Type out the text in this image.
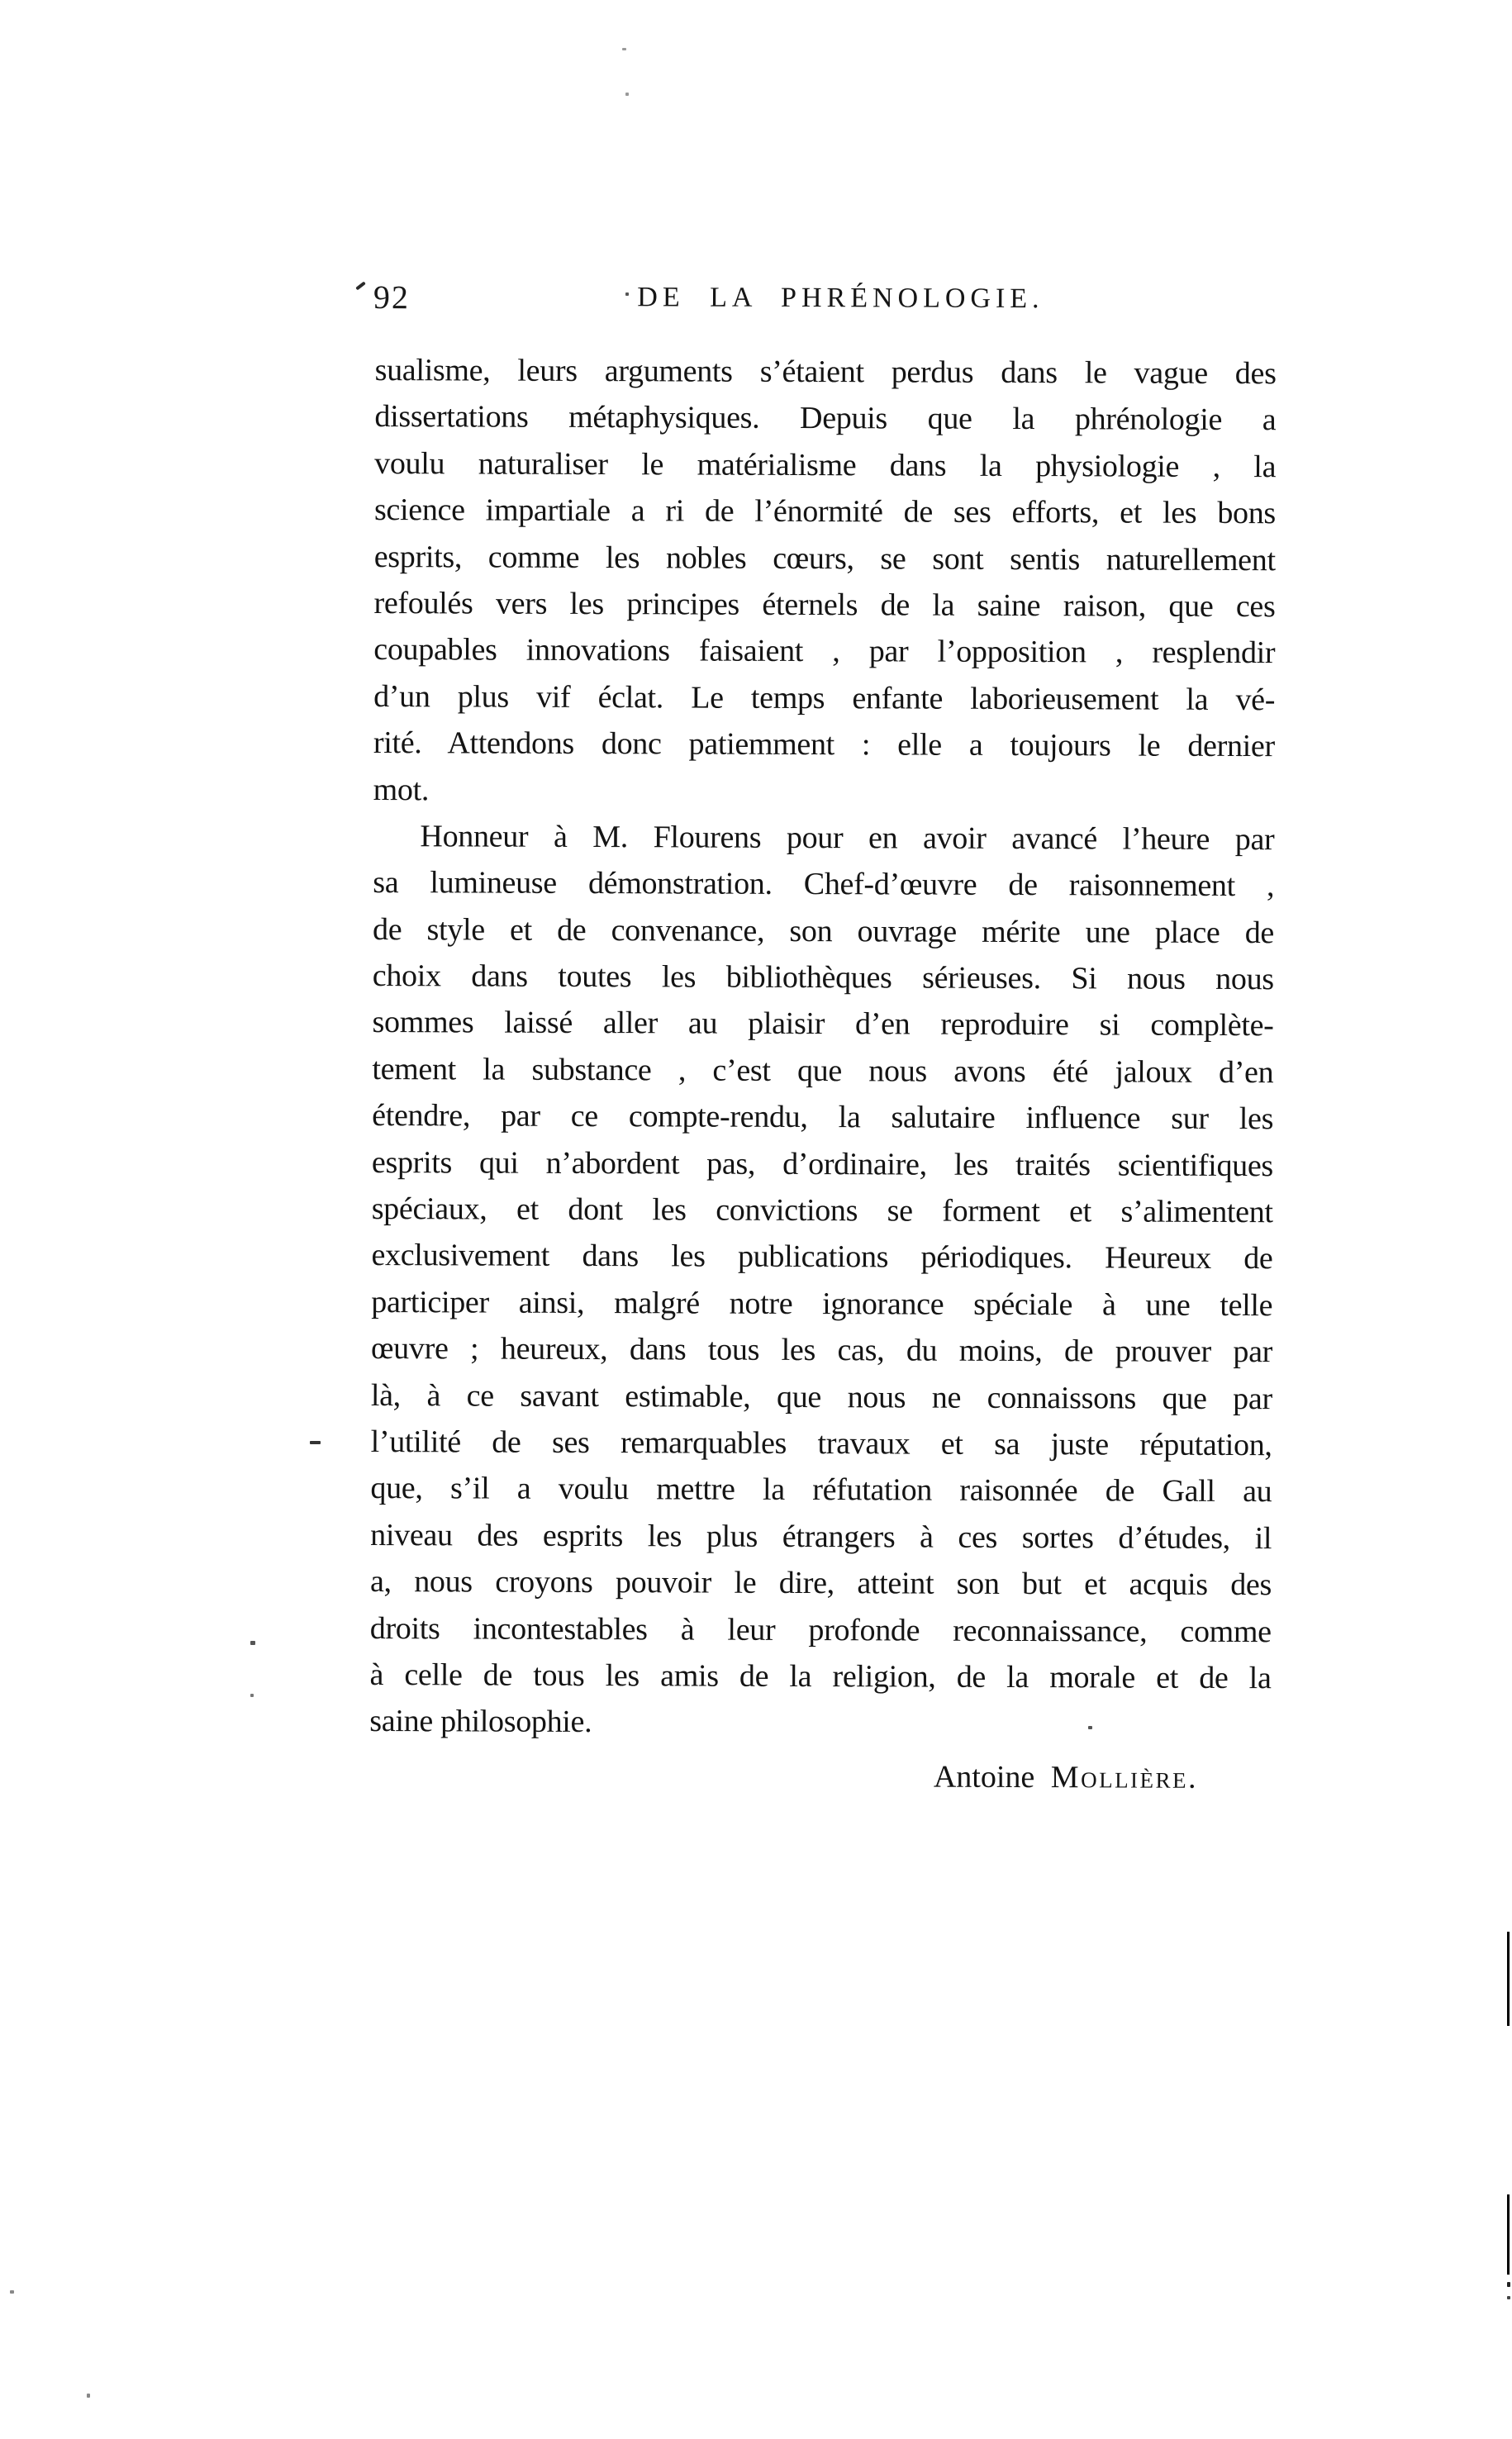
92	DE LA PHRÉNOLOGIE.
sualisme, leurs arguments s’étaient perdus dans le vague des
dissertations métaphysiques. Depuis que la phrénologie a
voulu naturaliser le matérialisme dans la physiologie , la
science impartiale a ri de l’énormité de ses efforts, et les bons
esprits, comme les nobles cœurs, se sont sentis naturellement
refoulés vers les principes éternels de la saine raison, que ces
coupables innovations faisaient , par l’opposition , resplendir
d’un plus vif éclat. Le temps enfante laborieusement la vé-
rité. Attendons donc patiemment : elle a toujours le dernier
mot.
Honneur à M. Flourens pour en avoir avancé l’heure par
sa lumineuse démonstration. Chef-d’œuvre de raisonnement ,
de style et de convenance, son ouvrage mérite une place de
choix dans toutes les bibliothèques sérieuses. Si nous nous
sommes laissé aller au plaisir d’en reproduire si complète-
tement la substance , c’est que nous avons été jaloux d’en
étendre, par ce compte-rendu, la salutaire influence sur les
esprits qui n’abordent pas, d’ordinaire, les traités scientifiques
spéciaux, et dont les convictions se forment et s’alimentent
exclusivement dans les publications périodiques. Heureux de
participer ainsi, malgré notre ignorance spéciale à une telle
œuvre ; heureux, dans tous les cas, du moins, de prouver par
là, à ce savant estimable, que nous ne connaissons que par
l’utilité de ses remarquables travaux et sa juste réputation,
que, s’il a voulu mettre la réfutation raisonnée de Gall au
niveau des esprits les plus étrangers à ces sortes d’études, il
a, nous croyons pouvoir le dire, atteint son but et acquis des
droits incontestables à leur profonde reconnaissance, comme
à celle de tous les amis de la religion, de la morale et de la
saine philosophie.
Antoine Mollière.
